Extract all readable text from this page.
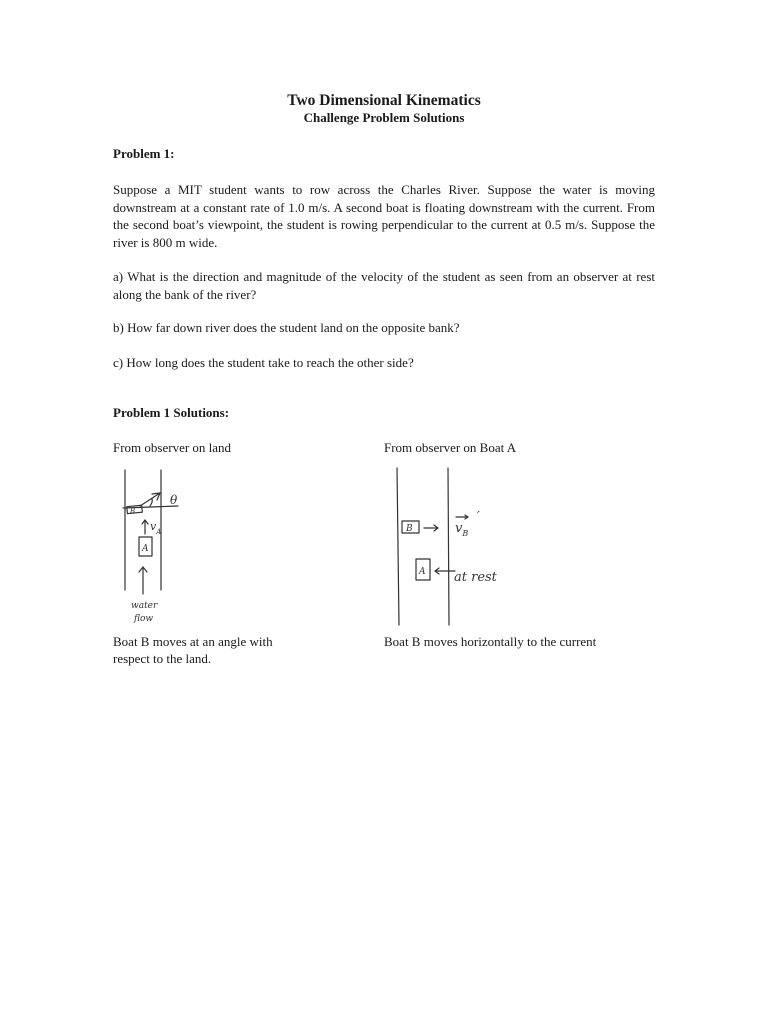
Two Dimensional Kinematics
Challenge Problem Solutions
Problem 1:
Suppose a MIT student wants to row across the Charles River. Suppose the water is moving downstream at a constant rate of 1.0 m/s. A second boat is floating downstream with the current. From the second boat’s viewpoint, the student is rowing perpendicular to the current at 0.5 m/s. Suppose the river is 800 m wide.
a) What is the direction and magnitude of the velocity of the student as seen from an observer at rest along the bank of the river?
b) How far down river does the student land on the opposite bank?
c) How long does the student take to reach the other side?
Problem 1 Solutions:
From observer on land	From observer on Boat A
B
θ
$v_A$
A
water
flow
B	$v_B$
′
A at rest
Boat B moves at an angle with
respect to the land.
Boat B moves horizontally to the current
